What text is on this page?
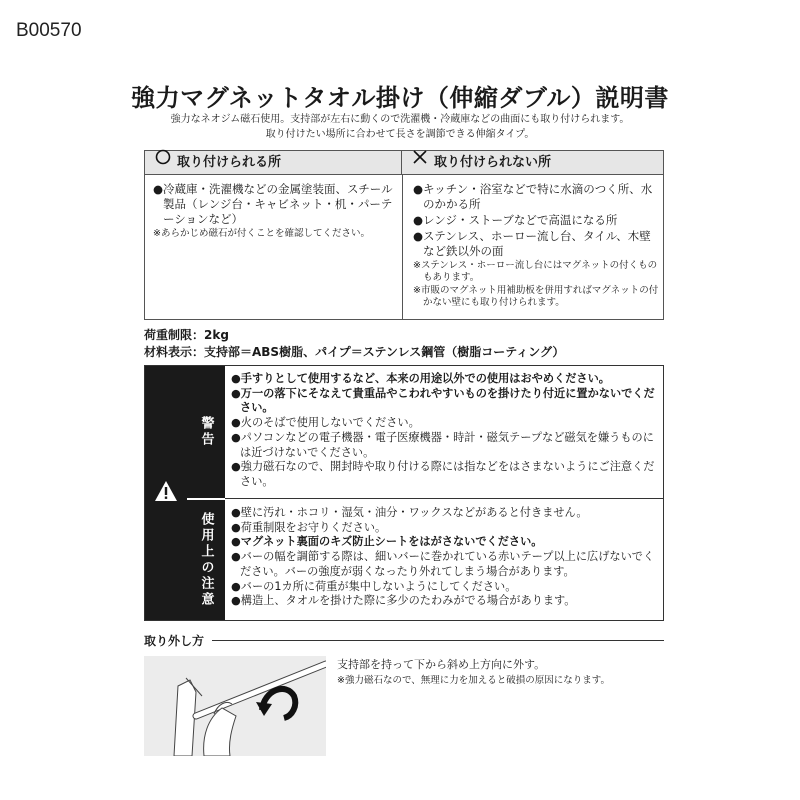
B00570
強力マグネットタオル掛け（伸縮ダブル）説明書
強力なネオジム磁石使用。支持部が左右に動くので洗濯機・冷蔵庫などの曲面にも取り付けられます。
取り付けたい場所に合わせて長さを調節できる伸縮タイプ。
取り付けられる所	取り付けられない所
●冷蔵庫・洗濯機などの金属塗装面、スチール製品（レンジ台・キャビネット・机・パーテーションなど）
※あらかじめ磁石が付くことを確認してください。
●キッチン・浴室などで特に水滴のつく所、水のかかる所
●レンジ・ストーブなどで高温になる所
●ステンレス、ホーロー流し台、タイル、木壁など鉄以外の面
※ステンレス・ホーロー流し台にはマグネットの付くものもあります。
※市販のマグネット用補助板を併用すればマグネットの付かない壁にも取り付けられます。
荷重制限：2kg
材料表示：支持部＝ABS樹脂、パイプ＝ステンレス鋼管（樹脂コーティング）
警告
使用上の注意
●手すりとして使用するなど、本来の用途以外での使用はおやめください。
●万一の落下にそなえて貴重品やこわれやすいものを掛けたり付近に置かないでください。
●火のそばで使用しないでください。
●パソコンなどの電子機器・電子医療機器・時計・磁気テープなど磁気を嫌うものには近づけないでください。
●強力磁石なので、開封時や取り付ける際には指などをはさまないようにご注意ください。
●壁に汚れ・ホコリ・湿気・油分・ワックスなどがあると付きません。
●荷重制限をお守りください。
●マグネット裏面のキズ防止シートをはがさないでください。
●バーの幅を調節する際は、細いバーに巻かれている赤いテープ以上に広げないでください。バーの強度が弱くなったり外れてしまう場合があります。
●バーの1カ所に荷重が集中しないようにしてください。
●構造上、タオルを掛けた際に多少のたわみがでる場合があります。
取り外し方
支持部を持って下から斜め上方向に外す。
※強力磁石なので、無理に力を加えると破損の原因になります。
